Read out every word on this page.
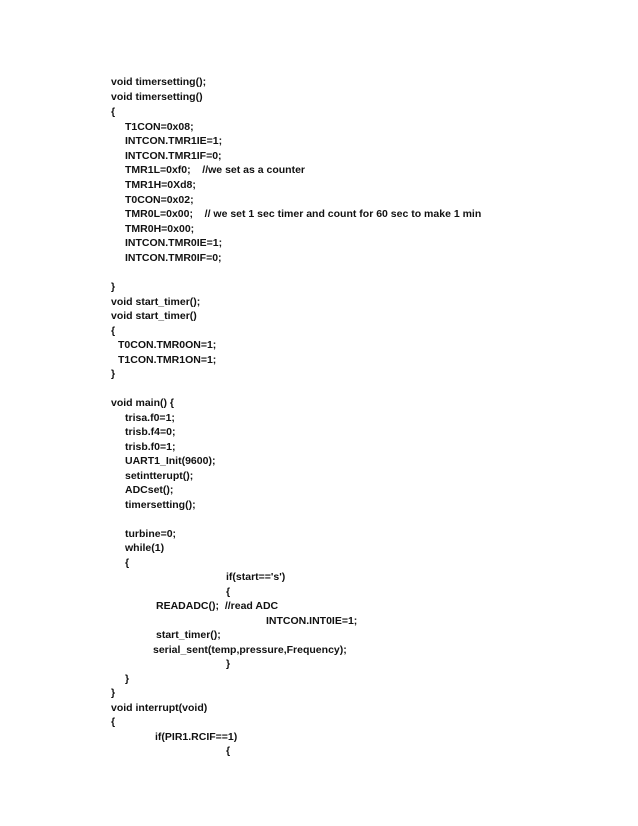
void timersetting();
void timersetting()
{
T1CON=0x08;
INTCON.TMR1IE=1;
INTCON.TMR1IF=0;
TMR1L=0xf0;    //we set as a counter
TMR1H=0Xd8;
T0CON=0x02;
TMR0L=0x00;    // we set 1 sec timer and count for 60 sec to make 1 min
TMR0H=0x00;
INTCON.TMR0IE=1;
INTCON.TMR0IF=0;
}
void start_timer();
void start_timer()
{
T0CON.TMR0ON=1;
T1CON.TMR1ON=1;
}
void main() {
trisa.f0=1;
trisb.f4=0;
trisb.f0=1;
UART1_Init(9600);
setintterupt();
ADCset();
timersetting();
turbine=0;
while(1)
{
if(start=='s')
{
READADC();  //read ADC
INTCON.INT0IE=1;
start_timer();
serial_sent(temp,pressure,Frequency);
}
}
}
void interrupt(void)
{
if(PIR1.RCIF==1)
{
